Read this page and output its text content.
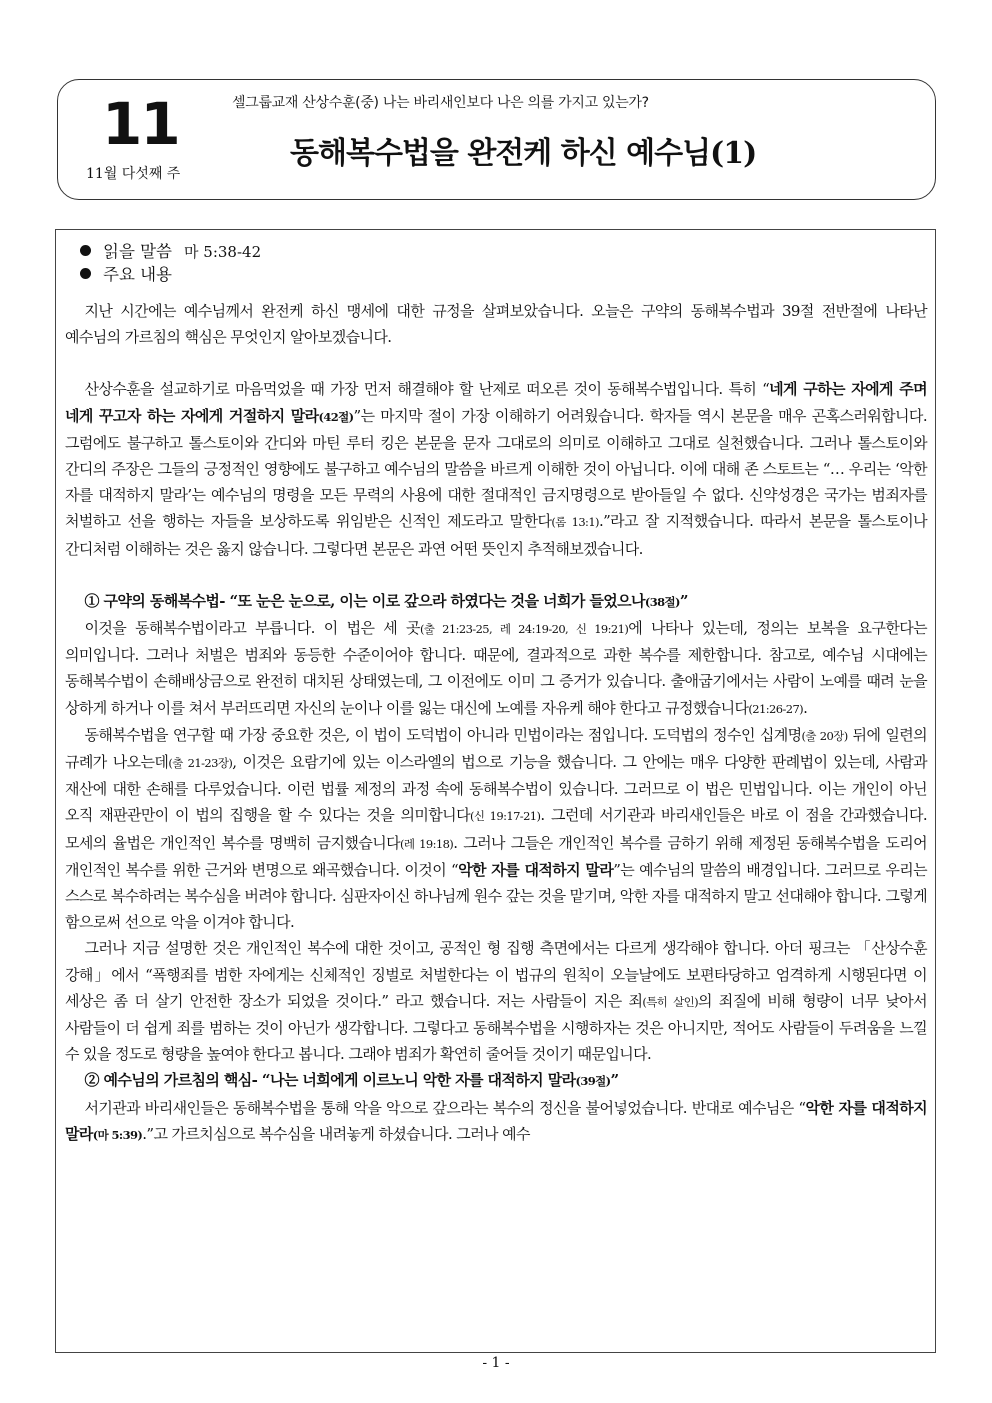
11
11월 다섯째 주
셀그룹교재 산상수훈(중) 나는 바리새인보다 나은 의를 가지고 있는가?
동해복수법을 완전케 하신 예수님(1)
읽을 말씀 마 5:38-42
주요 내용

지난 시간에는 예수님께서 완전케 하신 맹세에 대한 규정을 살펴보았습니다. 오늘은 구약의 동해복수법과 39절 전반절에 나타난 예수님의 가르침의 핵심은 무엇인지 알아보겠습니다.

산상수훈을 설교하기로 마음먹었을 때 가장 먼저 해결해야 할 난제로 떠오른 것이 동해복수법입니다. 특히 “네게 구하는 자에게 주며 네게 꾸고자 하는 자에게 거절하지 말라(42절)”는 마지막 절이 가장 이해하기 어려웠습니다. 학자들 역시 본문을 매우 곤혹스러워합니다. 그럼에도 불구하고 톨스토이와 간디와 마틴 루터 킹은 본문을 문자 그대로의 의미로 이해하고 그대로 실천했습니다. 그러나 톨스토이와 간디의 주장은 그들의 긍정적인 영향에도 불구하고 예수님의 말씀을 바르게 이해한 것이 아닙니다. 이에 대해 존 스토트는 “… 우리는 ‘악한 자를 대적하지 말라’는 예수님의 명령을 모든 무력의 사용에 대한 절대적인 금지명령으로 받아들일 수 없다. 신약성경은 국가는 범죄자를 처벌하고 선을 행하는 자들을 보상하도록 위임받은 신적인 제도라고 말한다(롬 13:1).”라고 잘 지적했습니다. 따라서 본문을 톨스토이나 간디처럼 이해하는 것은 옳지 않습니다. 그렇다면 본문은 과연 어떤 뜻인지 추적해보겠습니다.

① 구약의 동해복수법- “또 눈은 눈으로, 이는 이로 갚으라 하였다는 것을 너희가 들었으나(38절)”

이것을 동해복수법이라고 부릅니다. 이 법은 세 곳(출 21:23-25, 레 24:19-20, 신 19:21)에 나타나 있는데, 정의는 보복을 요구한다는 의미입니다. 그러나 처벌은 범죄와 동등한 수준이어야 합니다. 때문에, 결과적으로 과한 복수를 제한합니다. 참고로, 예수님 시대에는 동해복수법이 손해배상금으로 완전히 대치된 상태였는데, 그 이전에도 이미 그 증거가 있습니다. 출애굽기에서는 사람이 노예를 때려 눈을 상하게 하거나 이를 쳐서 부러뜨리면 자신의 눈이나 이를 잃는 대신에 노예를 자유케 해야 한다고 규정했습니다(21:26-27).

동해복수법을 연구할 때 가장 중요한 것은, 이 법이 도덕법이 아니라 민법이라는 점입니다. 도덕법의 정수인 십계명(출 20장) 뒤에 일련의 규례가 나오는데(출 21-23장), 이것은 요람기에 있는 이스라엘의 법으로 기능을 했습니다. 그 안에는 매우 다양한 판례법이 있는데, 사람과 재산에 대한 손해를 다루었습니다. 이런 법률 제정의 과정 속에 동해복수법이 있습니다. 그러므로 이 법은 민법입니다. 이는 개인이 아닌 오직 재판관만이 이 법의 집행을 할 수 있다는 것을 의미합니다(신 19:17-21). 그런데 서기관과 바리새인들은 바로 이 점을 간과했습니다. 모세의 율법은 개인적인 복수를 명백히 금지했습니다(레 19:18). 그러나 그들은 개인적인 복수를 금하기 위해 제정된 동해복수법을 도리어 개인적인 복수를 위한 근거와 변명으로 왜곡했습니다. 이것이 “악한 자를 대적하지 말라”는 예수님의 말씀의 배경입니다. 그러므로 우리는 스스로 복수하려는 복수심을 버려야 합니다. 심판자이신 하나님께 원수 갚는 것을 맡기며, 악한 자를 대적하지 말고 선대해야 합니다. 그렇게 함으로써 선으로 악을 이겨야 합니다.

그러나 지금 설명한 것은 개인적인 복수에 대한 것이고, 공적인 형 집행 측면에서는 다르게 생각해야 합니다. 아더 핑크는 「산상수훈 강해」에서 “폭행죄를 범한 자에게는 신체적인 징벌로 처벌한다는 이 법규의 원칙이 오늘날에도 보편타당하고 엄격하게 시행된다면 이 세상은 좀 더 살기 안전한 장소가 되었을 것이다.” 라고 했습니다. 저는 사람들이 지은 죄(특히 살인)의 죄질에 비해 형량이 너무 낮아서 사람들이 더 쉽게 죄를 범하는 것이 아닌가 생각합니다. 그렇다고 동해복수법을 시행하자는 것은 아니지만, 적어도 사람들이 두려움을 느낄 수 있을 정도로 형량을 높여야 한다고 봅니다. 그래야 범죄가 확연히 줄어들 것이기 때문입니다.

② 예수님의 가르침의 핵심- “나는 너희에게 이르노니 악한 자를 대적하지 말라(39절)”

서기관과 바리새인들은 동해복수법을 통해 악을 악으로 갚으라는 복수의 정신을 불어넣었습니다. 반대로 예수님은 “악한 자를 대적하지 말라(마 5:39).”고 가르치심으로 복수심을 내려놓게 하셨습니다. 그러나 예수

- 1 -
